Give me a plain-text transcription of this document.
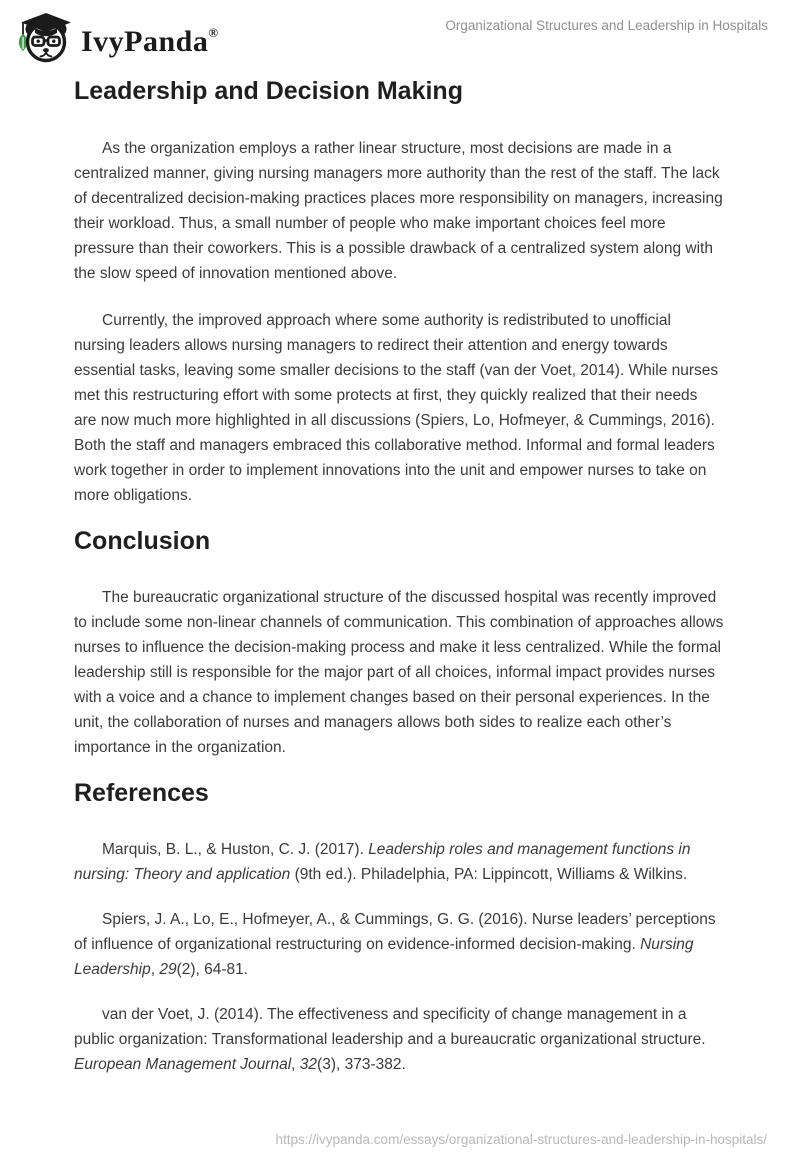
IvyPanda®	Organizational Structures and Leadership in Hospitals
Leadership and Decision Making

As the organization employs a rather linear structure, most decisions are made in a centralized manner, giving nursing managers more authority than the rest of the staff. The lack of decentralized decision-making practices places more responsibility on managers, increasing their workload. Thus, a small number of people who make important choices feel more pressure than their coworkers. This is a possible drawback of a centralized system along with the slow speed of innovation mentioned above.

Currently, the improved approach where some authority is redistributed to unofficial nursing leaders allows nursing managers to redirect their attention and energy towards essential tasks, leaving some smaller decisions to the staff (van der Voet, 2014). While nurses met this restructuring effort with some protects at first, they quickly realized that their needs are now much more highlighted in all discussions (Spiers, Lo, Hofmeyer, & Cummings, 2016). Both the staff and managers embraced this collaborative method. Informal and formal leaders work together in order to implement innovations into the unit and empower nurses to take on more obligations.

Conclusion

The bureaucratic organizational structure of the discussed hospital was recently improved to include some non-linear channels of communication. This combination of approaches allows nurses to influence the decision-making process and make it less centralized. While the formal leadership still is responsible for the major part of all choices, informal impact provides nurses with a voice and a chance to implement changes based on their personal experiences. In the unit, the collaboration of nurses and managers allows both sides to realize each other’s importance in the organization.

References

Marquis, B. L., & Huston, C. J. (2017). Leadership roles and management functions in nursing: Theory and application (9th ed.). Philadelphia, PA: Lippincott, Williams & Wilkins.

Spiers, J. A., Lo, E., Hofmeyer, A., & Cummings, G. G. (2016). Nurse leaders’ perceptions of influence of organizational restructuring on evidence-informed decision-making. Nursing Leadership, 29(2), 64-81.

van der Voet, J. (2014). The effectiveness and specificity of change management in a public organization: Transformational leadership and a bureaucratic organizational structure. European Management Journal, 32(3), 373-382.

https://ivypanda.com/essays/organizational-structures-and-leadership-in-hospitals/
